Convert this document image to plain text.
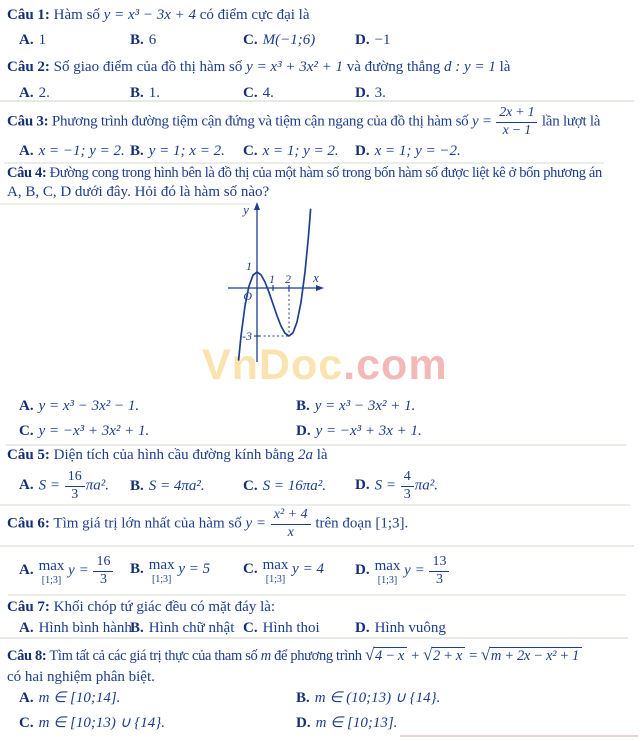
VnDoc.com
Câu 1: Hàm số y = x³ − 3x + 4 có điểm cực đại là
A. 1	B. 6	C. M(−1;6)	D. −1
Câu 2: Số giao điểm của đồ thị hàm số y = x³ + 3x² + 1 và đường thẳng d : y = 1 là
A. 2.	B. 1.	C. 4.	D. 3.
Câu 3: Phương trình đường tiệm cận đứng và tiệm cận ngang của đồ thị hàm số $y = \frac{2x + 1}{x - 1}$ lần lượt là
A. x = −1; y = 2. B. y = 1; x = 2.	C. x = 1; y = 2.	D. x = 1; y = −2.
Câu 4: Đường cong trong hình bên là đồ thị của một hàm số trong bốn hàm số được liệt kê ở bốn phương án
A, B, C, D dưới đây. Hỏi đó là hàm số nào?
y
x
O
1
1 2
-3
A. y = x³ − 3x² − 1.	B. y = x³ − 3x² + 1.
C. y = −x³ + 3x² + 1.	D. y = −x³ + 3x + 1.
Câu 5: Diện tích của hình cầu đường kính bằng 2a là
A. $S = \frac{16}{3} \pi a^2$.	B. S = 4πa².	C. S = 16πa².	D. $S = \frac{4}{3} \pi a^2$.
Câu 6: Tìm giá trị lớn nhất của hàm số $y = \frac{\text{x² + 4}}{x}$ trên đoạn [1;3].
A. max
[1;3]
$y = \frac{16}{3} B$. max
[1;3]
y = 5	C. max
[1;3]
y = 4	D. max
[1;3]
$y = \frac{13}{3}$
Câu 7: Khối chóp tứ giác đều có mặt đáy là:
A. Hình bình hành
B. Hình chữ nhật C. Hình thoi	D. Hình vuông
Câu 8: Tìm tất cả các giá trị thực của tham số m để phương trình √4 − x + √2 + x = √m + 2x − x² + 1
có hai nghiệm phân biệt.
A. m ∈ [10;14].	B. m ∈ (10;13) ∪ {14}.
C. m ∈ [10;13) ∪ {14}.	D. m ∈ [10;13].
